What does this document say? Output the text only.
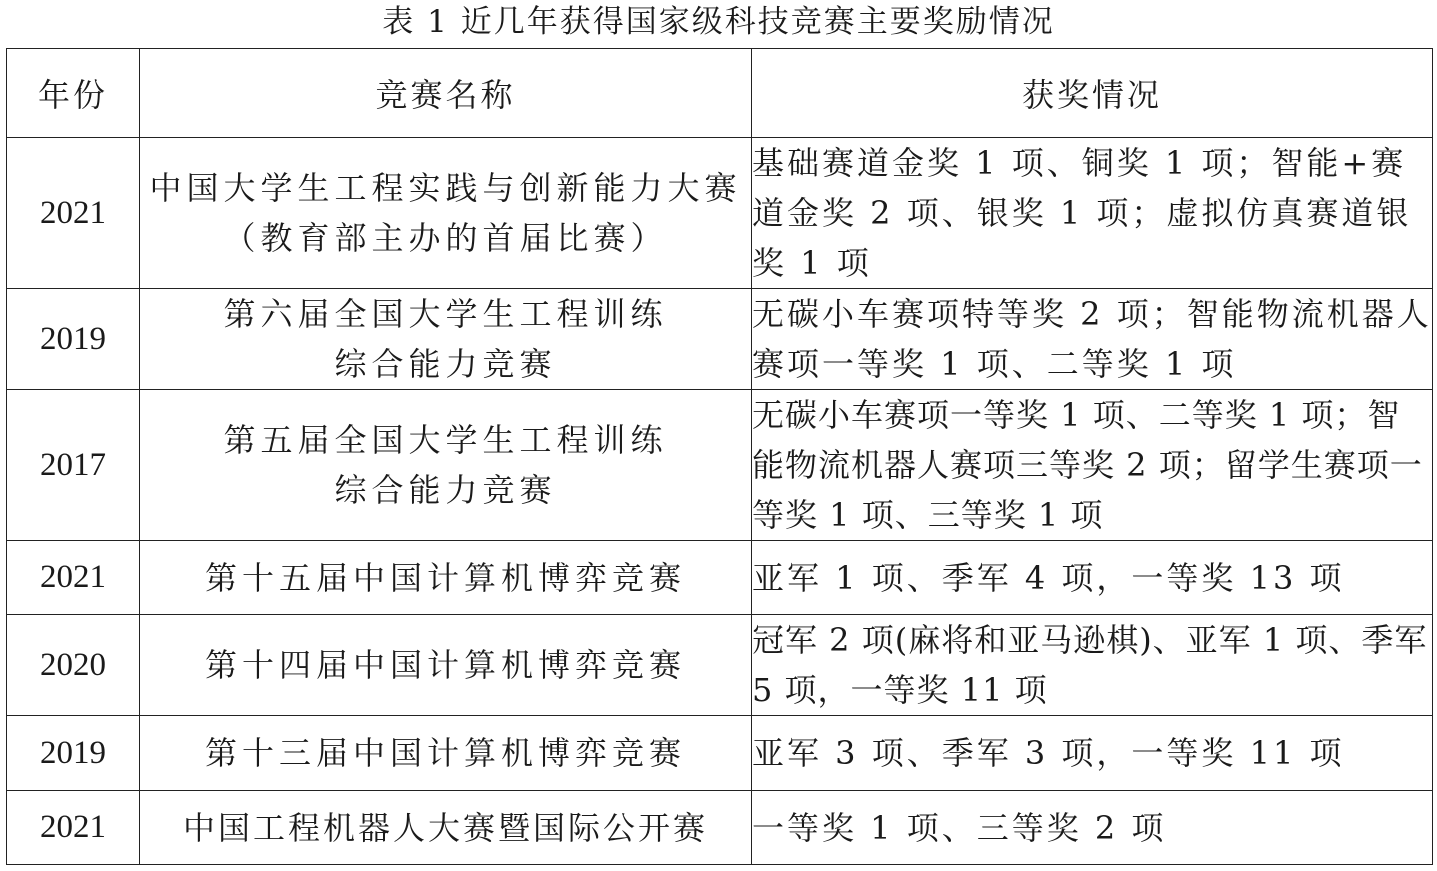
表 1 近几年获得国家级科技竞赛主要奖励情况
年份	竞赛名称	获奖情况
2021	中国大学生工程实践与创新能力大赛（教育部主办的首届比赛）	基础赛道金奖 1 项、铜奖 1 项；智能+赛道金奖 2 项、银奖 1 项；虚拟仿真赛道银奖 1 项
2019	第六届全国大学生工程训练综合能力竞赛	无碳小车赛项特等奖 2 项；智能物流机器人赛项一等奖 1 项、二等奖 1 项
2017	第五届全国大学生工程训练综合能力竞赛	无碳小车赛项一等奖 1 项、二等奖 1 项；智能物流机器人赛项三等奖 2 项；留学生赛项一等奖 1 项、三等奖 1 项
2021	第十五届中国计算机博弈竞赛	亚军 1 项、季军 4 项，一等奖 13 项
2020	第十四届中国计算机博弈竞赛	冠军 2 项(麻将和亚马逊棋)、亚军 1 项、季军 5 项，一等奖 11 项
2019	第十三届中国计算机博弈竞赛	亚军 3 项、季军 3 项，一等奖 11 项
2021	中国工程机器人大赛暨国际公开赛	一等奖 1 项、三等奖 2 项
